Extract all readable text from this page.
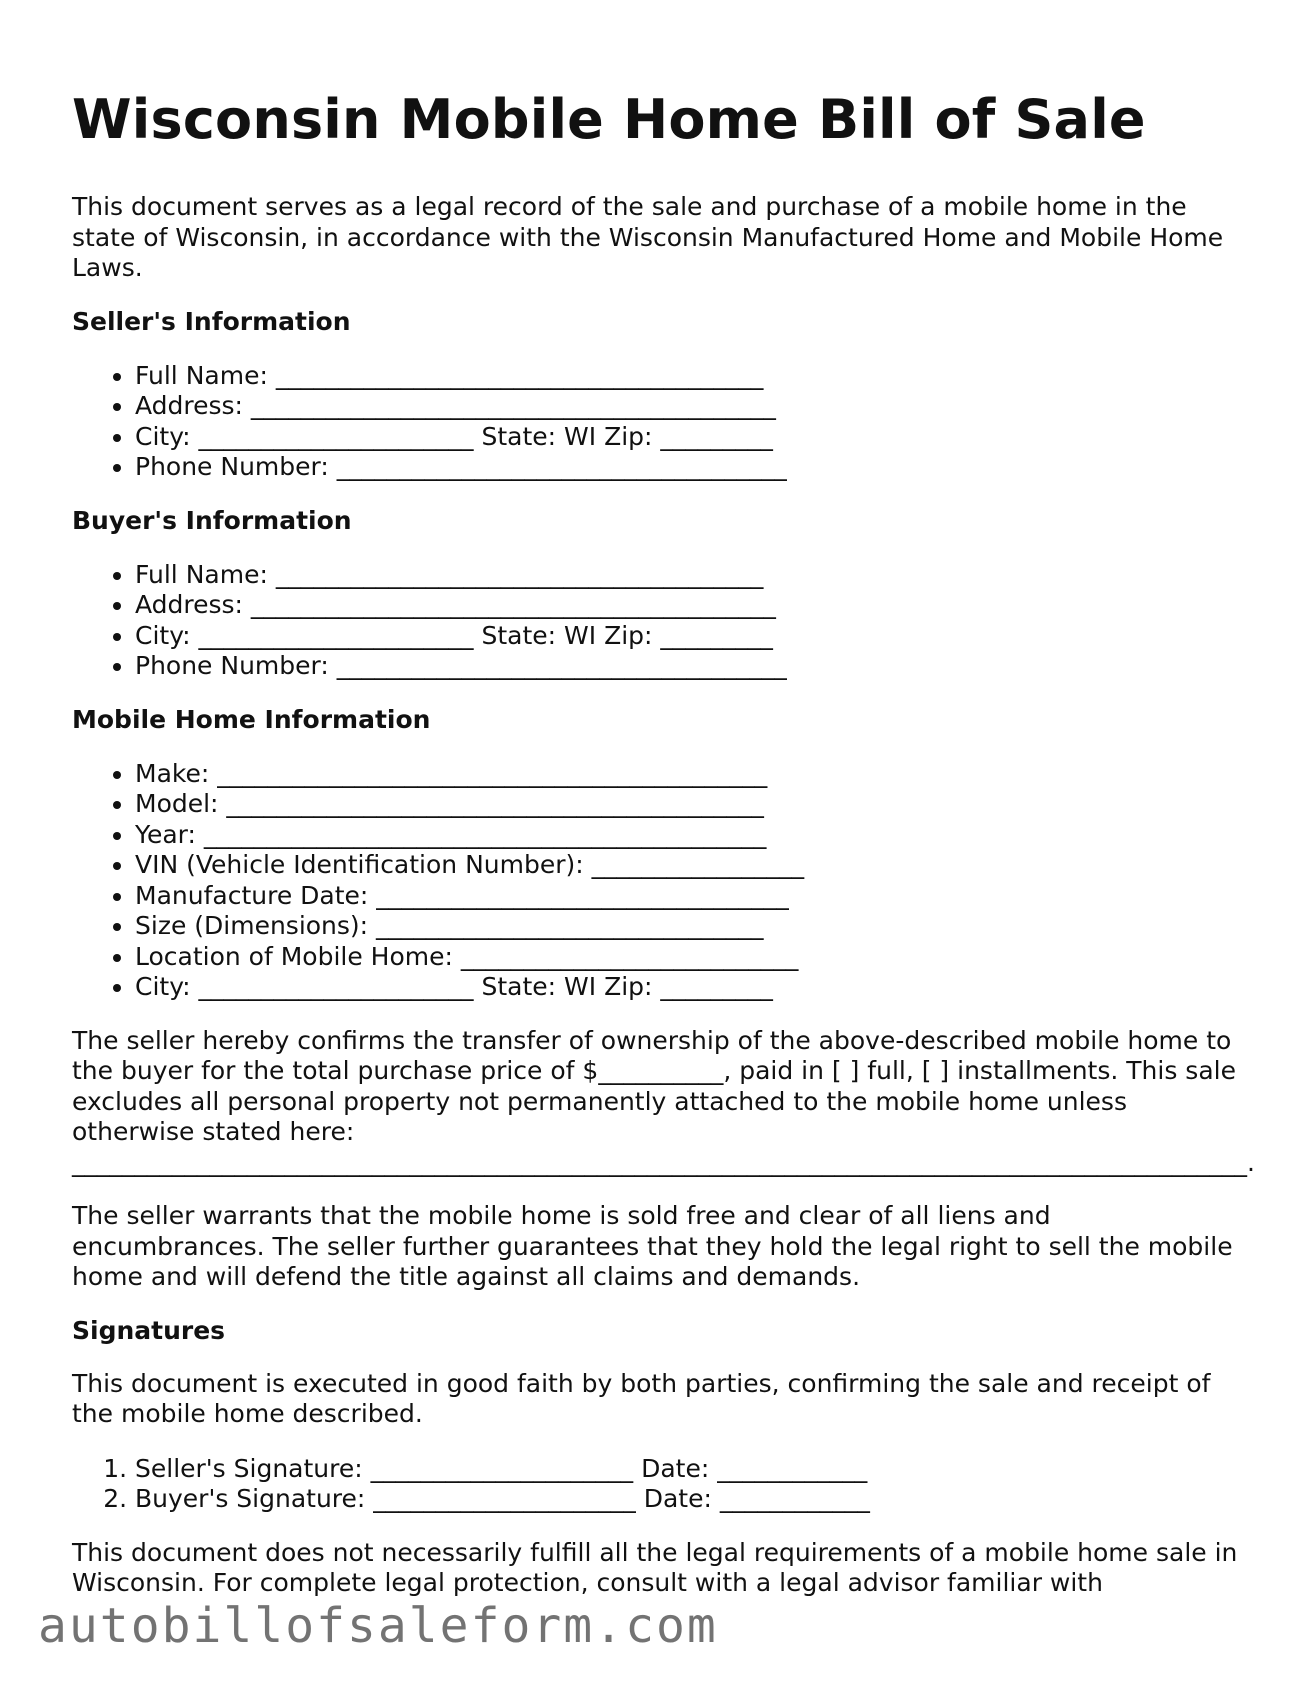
Wisconsin Mobile Home Bill of Sale

This document serves as a legal record of the sale and purchase of a mobile home in the state of Wisconsin, in accordance with the Wisconsin Manufactured Home and Mobile Home Laws.

Seller's Information
• Full Name: _______________________________________
• Address: __________________________________________
• City: ______________________ State: WI Zip: _________
• Phone Number: ____________________________________
Buyer's Information
• Full Name: _______________________________________
• Address: __________________________________________
• City: ______________________ State: WI Zip: _________
• Phone Number: ____________________________________
Mobile Home Information
• Make: ____________________________________________
• Model: ___________________________________________
• Year: _____________________________________________
• VIN (Vehicle Identification Number): _________________
• Manufacture Date: _________________________________
• Size (Dimensions): _______________________________
• Location of Mobile Home: ___________________________
• City: ______________________ State: WI Zip: _________

The seller hereby confirms the transfer of ownership of the above-described mobile home to the buyer for the total purchase price of $__________, paid in [ ] full, [ ] installments. This sale excludes all personal property not permanently attached to the mobile home unless otherwise stated here:
______________________________________________________________________________________________.

The seller warrants that the mobile home is sold free and clear of all liens and encumbrances. The seller further guarantees that they hold the legal right to sell the mobile home and will defend the title against all claims and demands.

Signatures

This document is executed in good faith by both parties, confirming the sale and receipt of the mobile home described.

1. Seller's Signature: _____________________ Date: ____________
2. Buyer's Signature: _____________________ Date: ____________

This document does not necessarily fulfill all the legal requirements of a mobile home sale in Wisconsin. For complete legal protection, consult with a legal advisor familiar with

autobillofsaleform.com
